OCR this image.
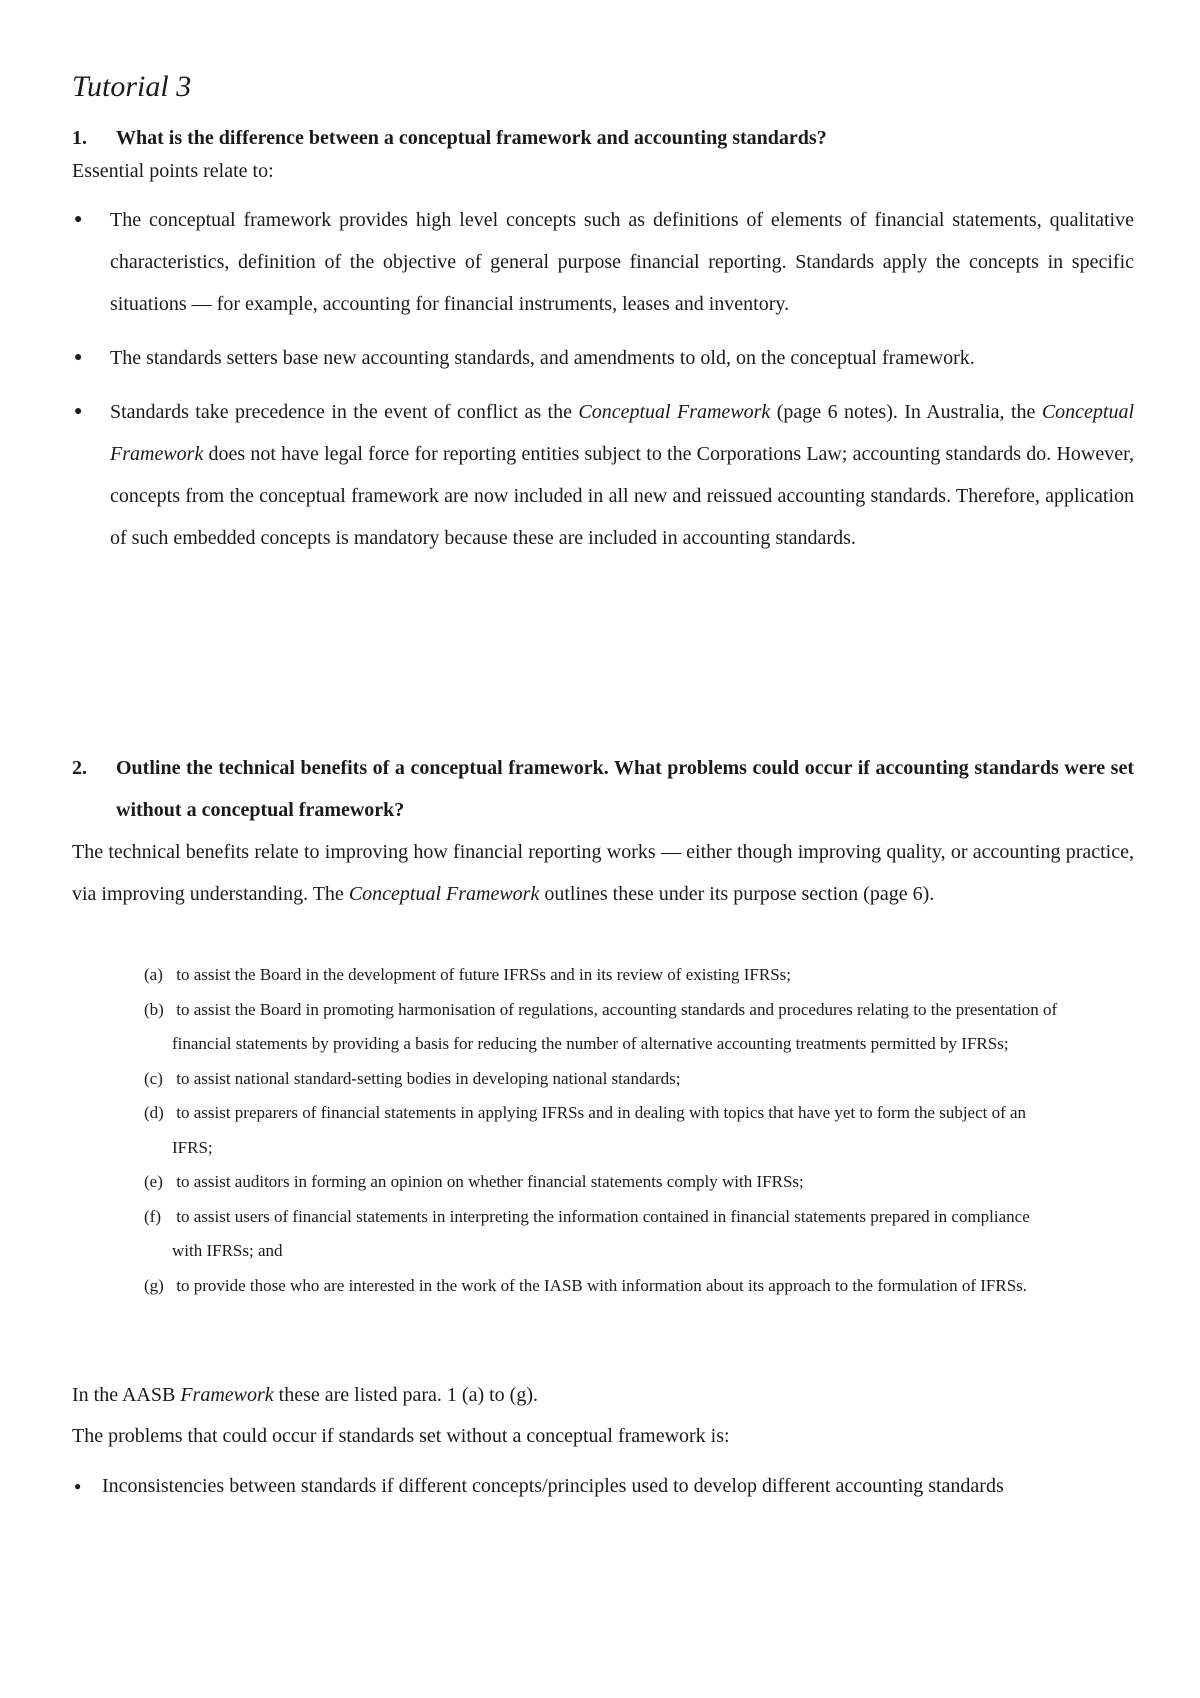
Tutorial 3

1. What is the difference between a conceptual framework and accounting standards?

Essential points relate to:

●	The conceptual framework provides high level concepts such as definitions of elements of financial statements, qualitative characteristics, definition of the objective of general purpose financial reporting. Standards apply the concepts in specific situations — for example, accounting for financial instruments, leases and inventory.
●	The standards setters base new accounting standards, and amendments to old, on the conceptual framework.
●	Standards take precedence in the event of conflict as the Conceptual Framework (page 6 notes). In Australia, the Conceptual Framework does not have legal force for reporting entities subject to the Corporations Law; accounting standards do. However, concepts from the conceptual framework are now included in all new and reissued accounting standards. Therefore, application of such embedded concepts is mandatory because these are included in accounting standards.
2.	Outline the technical benefits of a conceptual framework. What problems could occur if accounting standards were set without a conceptual framework?

The technical benefits relate to improving how financial reporting works — either though improving quality, or accounting practice, via improving understanding. The Conceptual Framework outlines these under its purpose section (page 6).

(a) to assist the Board in the development of future IFRSs and in its review of existing IFRSs;
(b) to assist the Board in promoting harmonisation of regulations, accounting standards and procedures relating to the presentation of financial statements by providing a basis for reducing the number of alternative accounting treatments permitted by IFRSs;
(c) to assist national standard-setting bodies in developing national standards;
(d) to assist preparers of financial statements in applying IFRSs and in dealing with topics that have yet to form the subject of an IFRS;
(e) to assist auditors in forming an opinion on whether financial statements comply with IFRSs;
(f) to assist users of financial statements in interpreting the information contained in financial statements prepared in compliance with IFRSs; and
(g) to provide those who are interested in the work of the IASB with information about its approach to the formulation of IFRSs.

In the AASB Framework these are listed para. 1 (a) to (g).

The problems that could occur if standards set without a conceptual framework is:

●	Inconsistencies between standards if different concepts/principles used to develop different accounting standards
